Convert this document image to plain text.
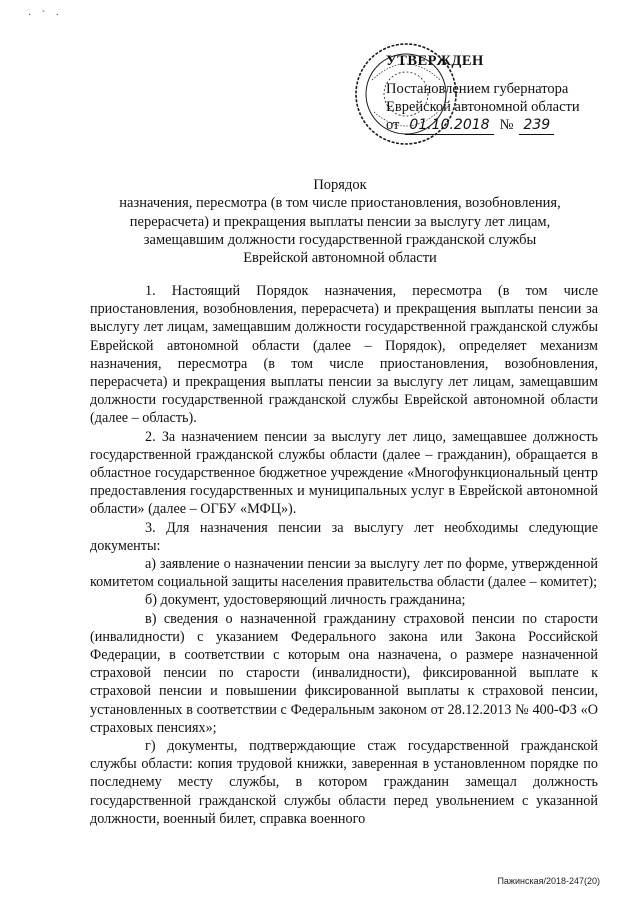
· ` ·
УТВЕРЖДЕН
Постановлением губернатора
Еврейской автономной области
от 01.10.2018 № 239
Порядок
назначения, пересмотра (в том числе приостановления, возобновления,
перерасчета) и прекращения выплаты пенсии за выслугу лет лицам,
замещавшим должности государственной гражданской службы
Еврейской автономной области

1. Настоящий Порядок назначения, пересмотра (в том числе приостановления, возобновления, перерасчета) и прекращения выплаты пенсии за выслугу лет лицам, замещавшим должности государственной гражданской службы Еврейской автономной области (далее – Порядок), определяет механизм назначения, пересмотра (в том числе приостановления, возобновления, перерасчета) и прекращения выплаты пенсии за выслугу лет лицам, замещавшим должности государственной гражданской службы Еврейской автономной области (далее – область).

2. За назначением пенсии за выслугу лет лицо, замещавшее должность государственной гражданской службы области (далее – гражданин), обращается в областное государственное бюджетное учреждение «Многофункциональный центр предоставления государственных и муниципальных услуг в Еврейской автономной области» (далее – ОГБУ «МФЦ»).

3. Для назначения пенсии за выслугу лет необходимы следующие документы:

а) заявление о назначении пенсии за выслугу лет по форме, утвержденной комитетом социальной защиты населения правительства области (далее – комитет);

б) документ, удостоверяющий личность гражданина;

в) сведения о назначенной гражданину страховой пенсии по старости (инвалидности) с указанием Федерального закона или Закона Российской Федерации, в соответствии с которым она назначена, о размере назначенной страховой пенсии по старости (инвалидности), фиксированной выплате к страховой пенсии и повышении фиксированной выплаты к страховой пенсии, установленных в соответствии с Федеральным законом от 28.12.2013 № 400-ФЗ «О страховых пенсиях»;

г) документы, подтверждающие стаж государственной гражданской службы области: копия трудовой книжки, заверенная в установленном порядке по последнему месту службы, в котором гражданин замещал должность государственной гражданской службы области перед увольнением с указанной должности, военный билет, справка военного

Пажинская/2018-247(20)
